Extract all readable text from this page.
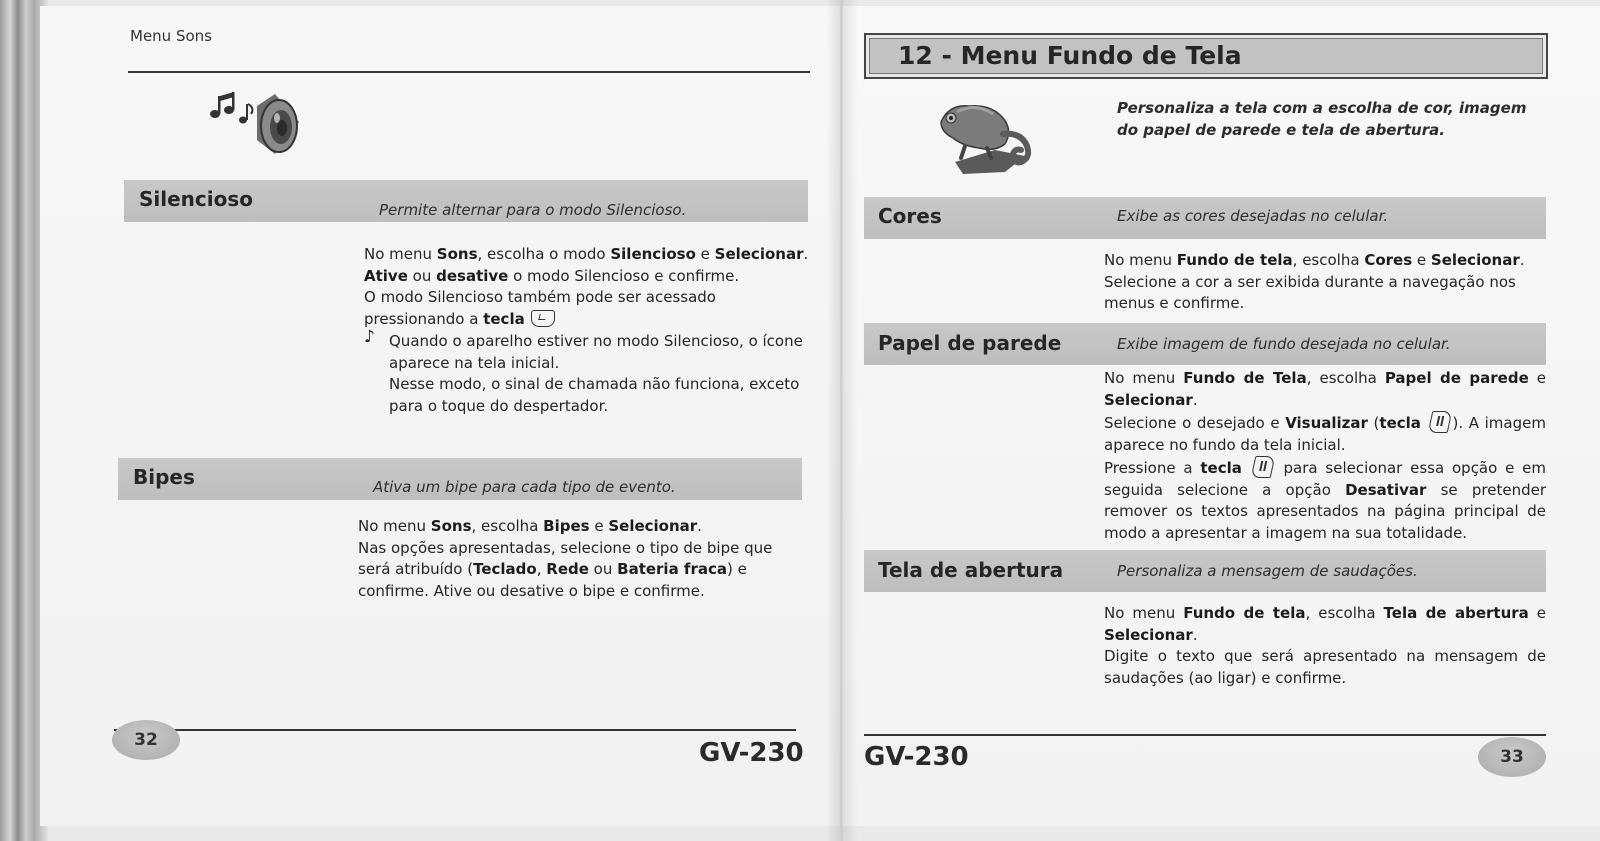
Menu Sons
Silencioso	Permite alternar para o modo Silencioso.

No menu Sons, escolha o modo Silencioso e Selecionar.

Ative ou desative o modo Silencioso e confirme.

O modo Silencioso também pode ser acessado pressionando a tecla

♪ Quando o aparelho estiver no modo Silencioso, o ícone aparece na tela inicial.

Nesse modo, o sinal de chamada não funciona, exceto para o toque do despertador.

Bipes	Ativa um bipe para cada tipo de evento.

No menu Sons, escolha Bipes e Selecionar.

Nas opções apresentadas, selecione o tipo de bipe que será atribuído (Teclado, Rede ou Bateria fraca) e confirme. Ative ou desative o bipe e confirme.

32	GV-230
12 - Menu Fundo de Tela

Personaliza a tela com a escolha de cor, imagem do papel de parede e tela de abertura.

Cores	Exibe as cores desejadas no celular.

No menu Fundo de tela, escolha Cores e Selecionar.

Selecione a cor a ser exibida durante a navegação nos menus e confirme.

Papel de parede	Exibe imagem de fundo desejada no celular.

No menu Fundo de Tela, escolha Papel de parede e Selecionar.

Selecione o desejado e Visualizar (tecla ). A imagem aparece no fundo da tela inicial.

Pressione a tecla  para selecionar essa opção e em seguida selecione a opção Desativar se pretender remover os textos apresentados na página principal de modo a apresentar a imagem na sua totalidade.

Tela de abertura	Personaliza a mensagem de saudações.

No menu Fundo de tela, escolha Tela de abertura e Selecionar.

Digite o texto que será apresentado na mensagem de saudações (ao ligar) e confirme.

GV-230	33
